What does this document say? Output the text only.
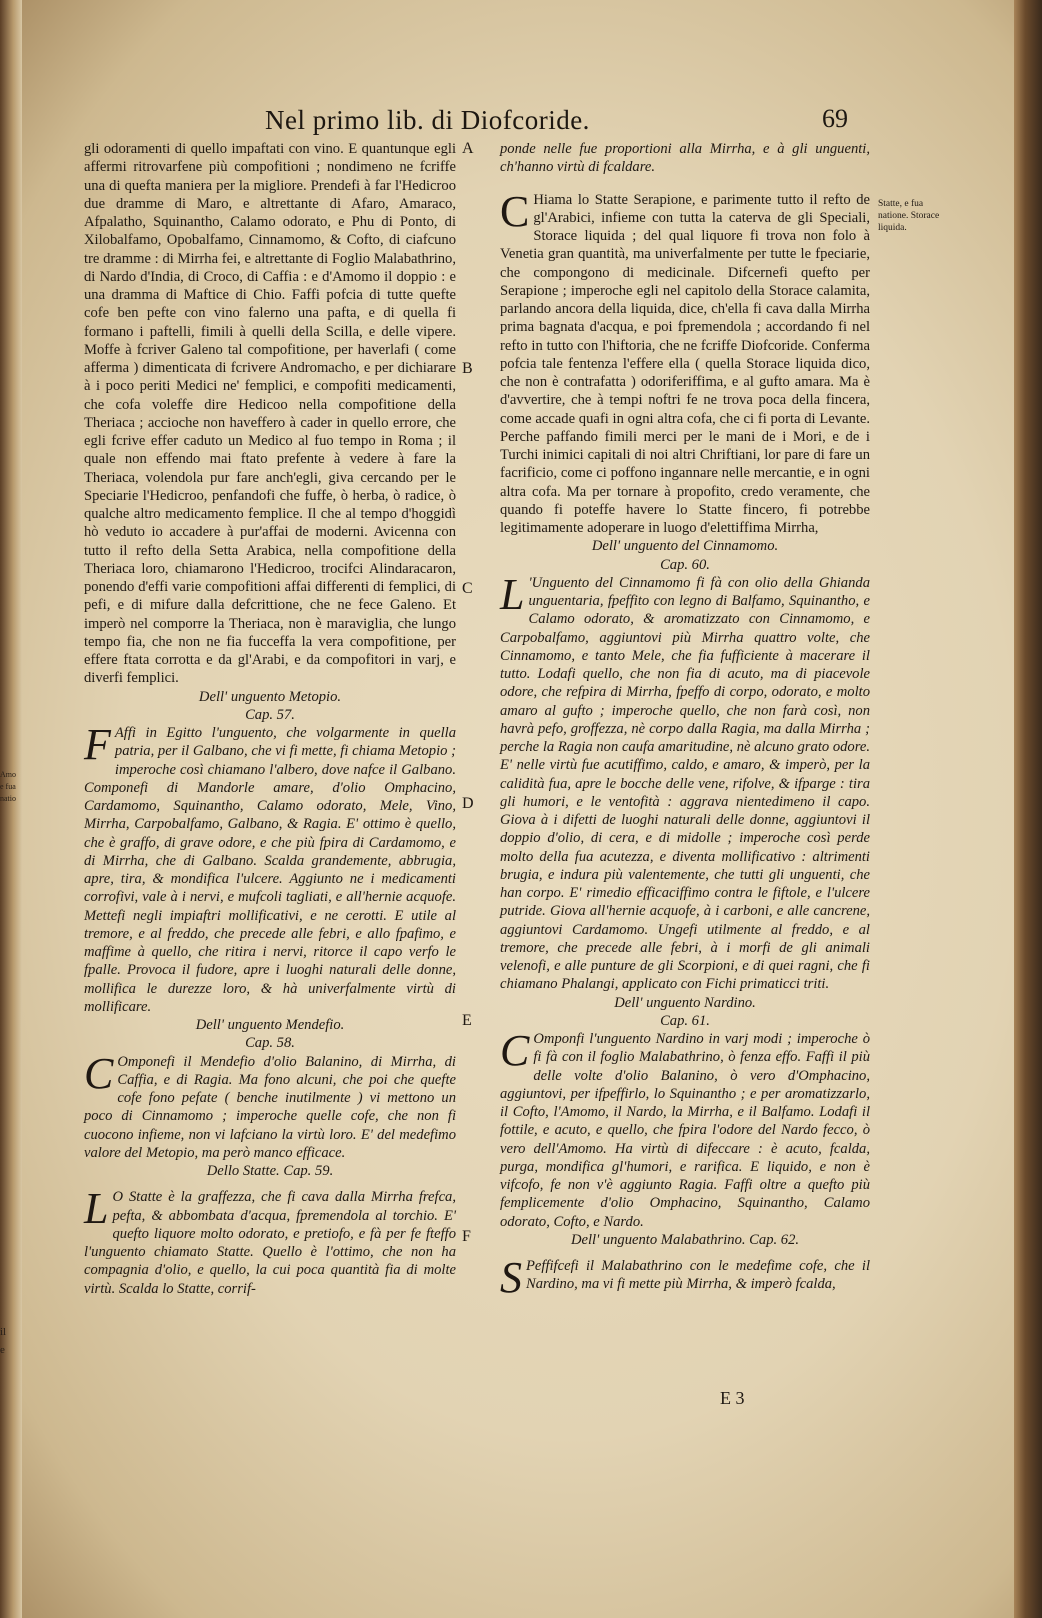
Amo
e fua
natio
il
e
Nel primo lib. di Diofcoride.	69
A
B
C
D
E
F
Statte, e fua natione. Storace liquida.

gli odoramenti di quello impaftati con vino. E quantunque egli affermi ritrovarfene più compofitioni ; nondimeno ne fcriffe una di quefta maniera per la migliore. Prendefi à far l'Hedicroo due dramme di Maro, e altrettante di Afaro, Amaraco, Afpalatho, Squinantho, Calamo odorato, e Phu di Ponto, di Xilobalfamo, Opobalfamo, Cinnamomo, & Cofto, di ciafcuno tre dramme : di Mirrha fei, e altrettante di Foglio Malabathrino, di Nardo d'India, di Croco, di Caffia : e d'Amomo il doppio : e una dramma di Maftice di Chio. Faffi pofcia di tutte quefte cofe ben pefte con vino falerno una pafta, e di quella fi formano i paftelli, fimili à quelli della Scilla, e delle vipere. Moffe à fcriver Galeno tal compofitione, per haverlafi ( come afferma ) dimenticata di fcrivere Andromacho, e per dichiarare à i poco periti Medici ne' femplici, e compofiti medicamenti, che cofa voleffe dire Hedicoo nella compofitione della Theriaca ; accioche non haveffero à cader in quello errore, che egli fcrive effer caduto un Medico al fuo tempo in Roma ; il quale non effendo mai ftato prefente à vedere à fare la Theriaca, volendola pur fare anch'egli, giva cercando per le Speciarie l'Hedicroo, penfandofi che fuffe, ò herba, ò radice, ò qualche altro medicamento femplice. Il che al tempo d'hoggidì hò veduto io accadere à pur'affai de moderni. Avicenna con tutto il refto della Setta Arabica, nella compofitione della Theriaca loro, chiamarono l'Hedicroo, trocifci Alindaracaron, ponendo d'effi varie compofitioni affai differenti di femplici, di pefi, e di mifure dalla defcrittione, che ne fece Galeno. Et imperò nel comporre la Theriaca, non è maraviglia, che lungo tempo fia, che non ne fia fucceffa la vera compofitione, per effere ftata corrotta e da gl'Arabi, e da compofitori in varj, e diverfi femplici.

Dell' unguento Metopio.

Cap. 57.

F Affi in Egitto l'unguento, che volgarmente in quella patria, per il Galbano, che vi fi mette, fi chiama Metopio ; imperoche così chiamano l'albero, dove nafce il Galbano. Componefi di Mandorle amare, d'olio Omphacino, Cardamomo, Squinantho, Calamo odorato, Mele, Vino, Mirrha, Carpobalfamo, Galbano, & Ragia. E' ottimo è quello, che è graffo, di grave odore, e che più fpira di Cardamomo, e di Mirrha, che di Galbano. Scalda grandemente, abbrugia, apre, tira, & mondifica l'ulcere. Aggiunto ne i medicamenti corrofivi, vale à i nervi, e mufcoli tagliati, e all'hernie acquofe. Mettefi negli impiaftri mollificativi, e ne cerotti. E utile al tremore, e al freddo, che precede alle febri, e allo fpafimo, e maffime à quello, che ritira i nervi, ritorce il capo verfo le fpalle. Provoca il fudore, apre i luoghi naturali delle donne, mollifica le durezze loro, & hà univerfalmente virtù di mollificare.

Dell' unguento Mendefio.

Cap. 58.

C Omponefi il Mendefio d'olio Balanino, di Mirrha, di Caffia, e di Ragia. Ma fono alcuni, che poi che quefte cofe fono pefate ( benche inutilmente ) vi mettono un poco di Cinnamomo ; imperoche quelle cofe, che non fi cuocono infieme, non vi lafciano la virtù loro. E' del medefimo valore del Metopio, ma però manco efficace.

Dello Statte. Cap. 59.

L O Statte è la graffezza, che fi cava dalla Mirrha frefca, pefta, & abbombata d'acqua, fpremendola al torchio. E' quefto liquore molto odorato, e pretiofo, e fà per fe fteffo l'unguento chiamato Statte. Quello è l'ottimo, che non ha compagnia d'olio, e quello, la cui poca quantità fia di molte virtù. Scalda lo Statte, corrif-

ponde nelle fue proportioni alla Mirrha, e à gli unguenti, ch'hanno virtù di fcaldare.

C Hiama lo Statte Serapione, e parimente tutto il refto de gl'Arabici, infieme con tutta la caterva de gli Speciali, Storace liquida ; del qual liquore fi trova non folo à Venetia gran quantità, ma univerfalmente per tutte le fpeciarie, che compongono di medicinale. Difcernefi quefto per Serapione ; imperoche egli nel capitolo della Storace calamita, parlando ancora della liquida, dice, ch'ella fi cava dalla Mirrha prima bagnata d'acqua, e poi fpremendola ; accordando fi nel refto in tutto con l'hiftoria, che ne fcriffe Diofcoride. Conferma pofcia tale fentenza l'effere ella ( quella Storace liquida dico, che non è contrafatta ) odoriferiffima, e al gufto amara. Ma è d'avvertire, che à tempi noftri fe ne trova poca della fincera, come accade quafi in ogni altra cofa, che ci fi porta di Levante. Perche paffando fimili merci per le mani de i Mori, e de i Turchi inimici capitali di noi altri Chriftiani, lor pare di fare un facrificio, come ci poffono ingannare nelle mercantie, e in ogni altra cofa. Ma per tornare à propofito, credo veramente, che quando fi poteffe havere lo Statte fincero, fi potrebbe legitimamente adoperare in luogo d'elettiffima Mirrha,

Dell' unguento del Cinnamomo.

Cap. 60.

L 'Unguento del Cinnamomo fi fà con olio della Ghianda unguentaria, fpeffito con legno di Balfamo, Squinantho, e Calamo odorato, & aromatizzato con Cinnamomo, e Carpobalfamo, aggiuntovi più Mirrha quattro volte, che Cinnamomo, e tanto Mele, che fia fufficiente à macerare il tutto. Lodafi quello, che non fia di acuto, ma di piacevole odore, che refpira di Mirrha, fpeffo di corpo, odorato, e molto amaro al gufto ; imperoche quello, che non farà così, non havrà pefo, groffezza, nè corpo dalla Ragia, ma dalla Mirrha ; perche la Ragia non caufa amaritudine, nè alcuno grato odore. E' nelle virtù fue acutiffimo, caldo, e amaro, & imperò, per la calidità fua, apre le bocche delle vene, rifolve, & ifparge : tira gli humori, e le ventofità : aggrava nientedimeno il capo. Giova à i difetti de luoghi naturali delle donne, aggiuntovi il doppio d'olio, di cera, e di midolle ; imperoche così perde molto della fua acutezza, e diventa mollificativo : altrimenti brugia, e indura più valentemente, che tutti gli unguenti, che han corpo. E' rimedio efficaciffimo contra le fiftole, e l'ulcere putride. Giova all'hernie acquofe, à i carboni, e alle cancrene, aggiuntovi Cardamomo. Ungefi utilmente al freddo, e al tremore, che precede alle febri, à i morfi de gli animali velenofi, e alle punture de gli Scorpioni, e di quei ragni, che fi chiamano Phalangi, applicato con Fichi primaticci triti.

Dell' unguento Nardino.

Cap. 61.

C Omponfi l'unguento Nardino in varj modi ; imperoche ò fi fà con il foglio Malabathrino, ò fenza effo. Faffi il più delle volte d'olio Balanino, ò vero d'Omphacino, aggiuntovi, per ifpeffirlo, lo Squinantho ; e per aromatizzarlo, il Cofto, l'Amomo, il Nardo, la Mirrha, e il Balfamo. Lodafi il fottile, e acuto, e quello, che fpira l'odore del Nardo fecco, ò vero dell'Amomo. Ha virtù di difeccare : è acuto, fcalda, purga, mondifica gl'humori, e rarifica. E liquido, e non è vifcofo, fe non v'è aggiunto Ragia. Faffi oltre a quefto più femplicemente d'olio Omphacino, Squinantho, Calamo odorato, Cofto, e Nardo.

Dell' unguento Malabathrino. Cap. 62.

S Peffifcefi il Malabathrino con le medefime cofe, che il Nardino, ma vi fi mette più Mirrha, & imperò fcalda,

E 3
